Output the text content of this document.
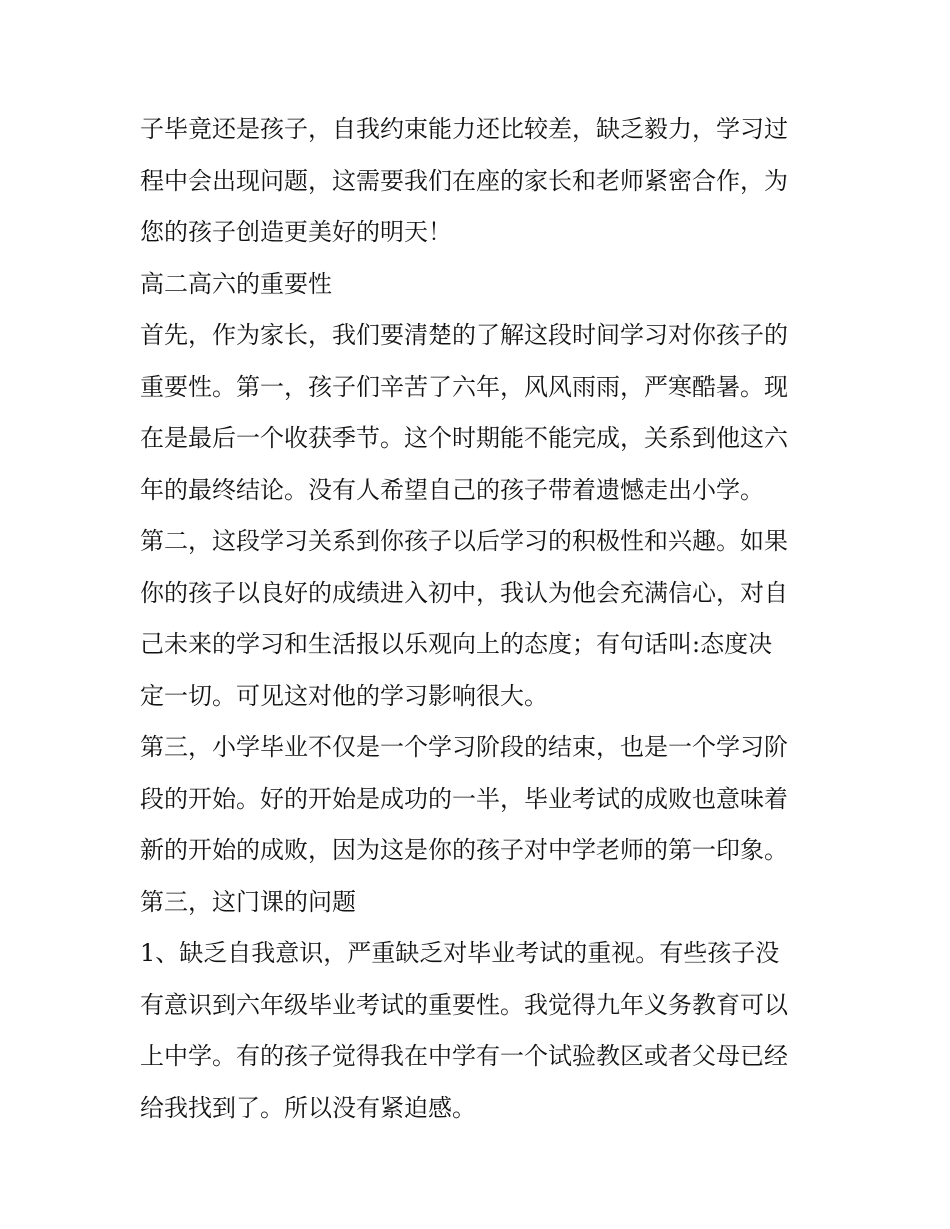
子毕竟还是孩子，自我约束能力还比较差，缺乏毅力，学习过
程中会出现问题，这需要我们在座的家长和老师紧密合作，为
您的孩子创造更美好的明天！
高二高六的重要性
首先，作为家长，我们要清楚的了解这段时间学习对你孩子的
重要性。第一，孩子们辛苦了六年，风风雨雨，严寒酷暑。现
在是最后一个收获季节。这个时期能不能完成，关系到他这六
年的最终结论。没有人希望自己的孩子带着遗憾走出小学。
第二，这段学习关系到你孩子以后学习的积极性和兴趣。如果
你的孩子以良好的成绩进入初中，我认为他会充满信心，对自
己未来的学习和生活报以乐观向上的态度；有句话叫:态度决
定一切。可见这对他的学习影响很大。
第三，小学毕业不仅是一个学习阶段的结束，也是一个学习阶
段的开始。好的开始是成功的一半，毕业考试的成败也意味着
新的开始的成败，因为这是你的孩子对中学老师的第一印象。
第三，这门课的问题
1、缺乏自我意识，严重缺乏对毕业考试的重视。有些孩子没
有意识到六年级毕业考试的重要性。我觉得九年义务教育可以
上中学。有的孩子觉得我在中学有一个试验教区或者父母已经
给我找到了。所以没有紧迫感。
